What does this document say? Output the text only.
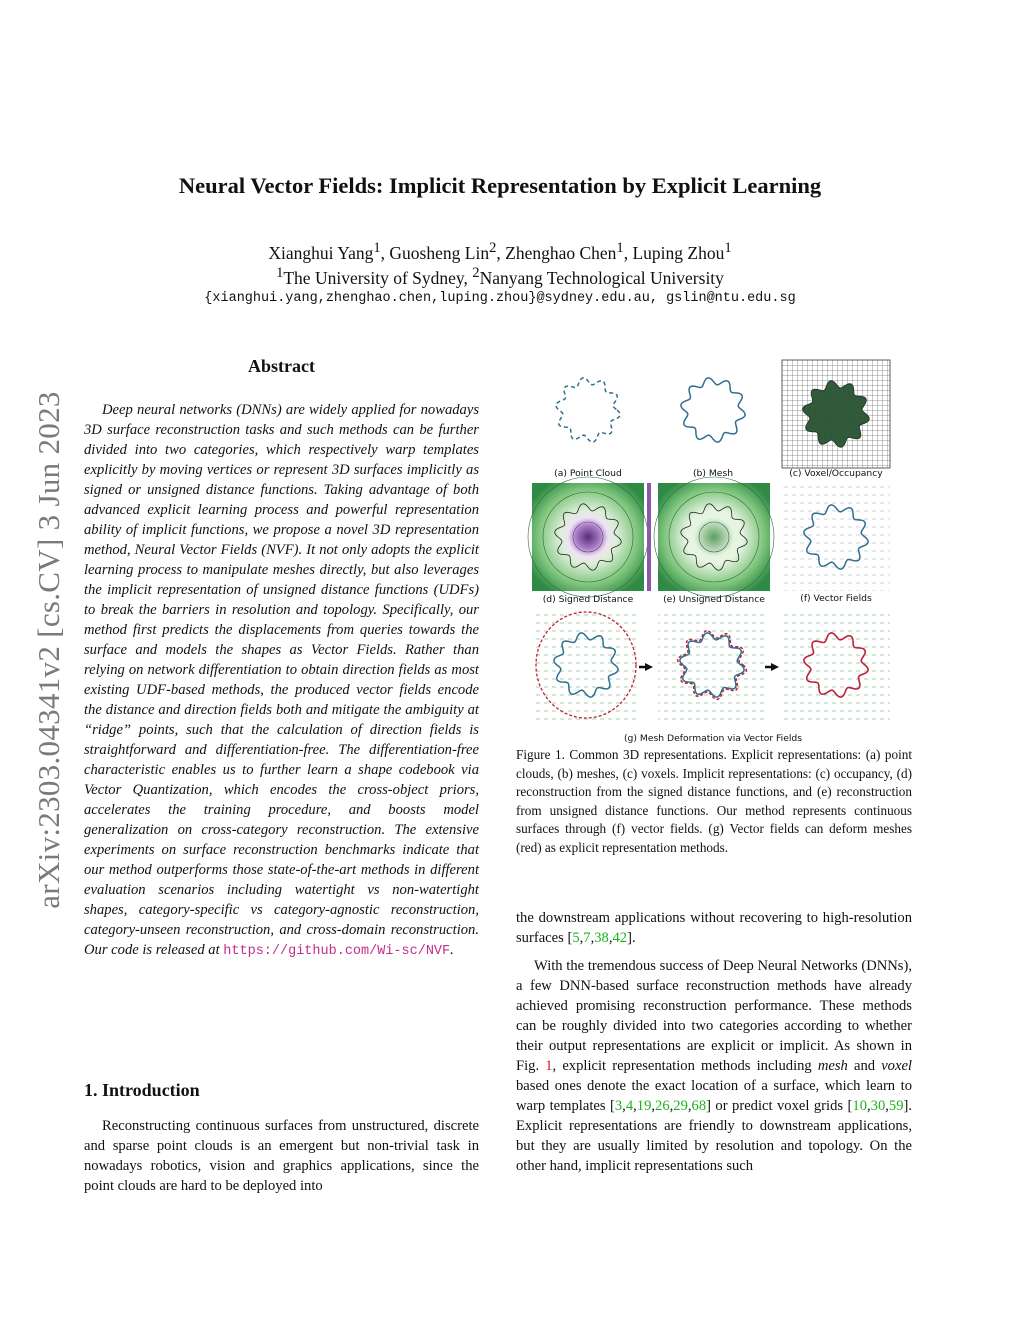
arXiv:2303.04341v2 [cs.CV] 3 Jun 2023
Neural Vector Fields: Implicit Representation by Explicit Learning
Xianghui Yang$^1$, Guosheng Lin$^2$, Zhenghao Chen$^1$, Luping Zhou$^1$
$^1$The University of Sydney, $^2$Nanyang Technological University
{xianghui.yang,zhenghao.chen,luping.zhou}@sydney.edu.au, gslin@ntu.edu.sg
Abstract

Deep neural networks (DNNs) are widely applied for nowadays 3D surface reconstruction tasks and such methods can be further divided into two categories, which respectively warp templates explicitly by moving vertices or represent 3D surfaces implicitly as signed or unsigned distance functions. Taking advantage of both advanced explicit learning process and powerful representation ability of implicit functions, we propose a novel 3D representation method, Neural Vector Fields (NVF). It not only adopts the explicit learning process to manipulate meshes directly, but also leverages the implicit representation of unsigned distance functions (UDFs) to break the barriers in resolution and topology. Specifically, our method first predicts the displacements from queries towards the surface and models the shapes as Vector Fields. Rather than relying on network differentiation to obtain direction fields as most existing UDF-based methods, the produced vector fields encode the distance and direction fields both and mitigate the ambiguity at “ridge” points, such that the calculation of direction fields is straightforward and differentiation-free. The differentiation-free characteristic enables us to further learn a shape codebook via Vector Quantization, which encodes the cross-object priors, accelerates the training procedure, and boosts model generalization on cross-category reconstruction. The extensive experiments on surface reconstruction benchmarks indicate that our method outperforms those state-of-the-art methods in different evaluation scenarios including watertight vs non-watertight shapes, category-specific vs category-agnostic reconstruction, category-unseen reconstruction, and cross-domain reconstruction. Our code is released at https://github.com/Wi-sc/NVF.

1. Introduction

Reconstructing continuous surfaces from unstructured, discrete and sparse point clouds is an emergent but non-trivial task in nowadays robotics, vision and graphics applications, since the point clouds are hard to be deployed into

(a) Point Cloud	(b) Mesh	(c) Voxel/Occupancy
(d) Signed Distance	(e) Unsigned Distance	(f) Vector Fields
(g) Mesh Deformation via Vector Fields

Figure 1. Common 3D representations. Explicit representations: (a) point clouds, (b) meshes, (c) voxels. Implicit representations: (c) occupancy, (d) reconstruction from the signed distance functions, and (e) reconstruction from unsigned distance functions. Our method represents continuous surfaces through (f) vector fields. (g) Vector fields can deform meshes (red) as explicit representation methods.

the downstream applications without recovering to high-resolution surfaces [5,7,38,42].

With the tremendous success of Deep Neural Networks (DNNs), a few DNN-based surface reconstruction methods have already achieved promising reconstruction performance. These methods can be roughly divided into two categories according to whether their output representations are explicit or implicit. As shown in Fig. 1, explicit representation methods including mesh and voxel based ones denote the exact location of a surface, which learn to warp templates [3,4,19,26,29,68] or predict voxel grids [10,30,59]. Explicit representations are friendly to downstream applications, but they are usually limited by resolution and topology. On the other hand, implicit representations such
